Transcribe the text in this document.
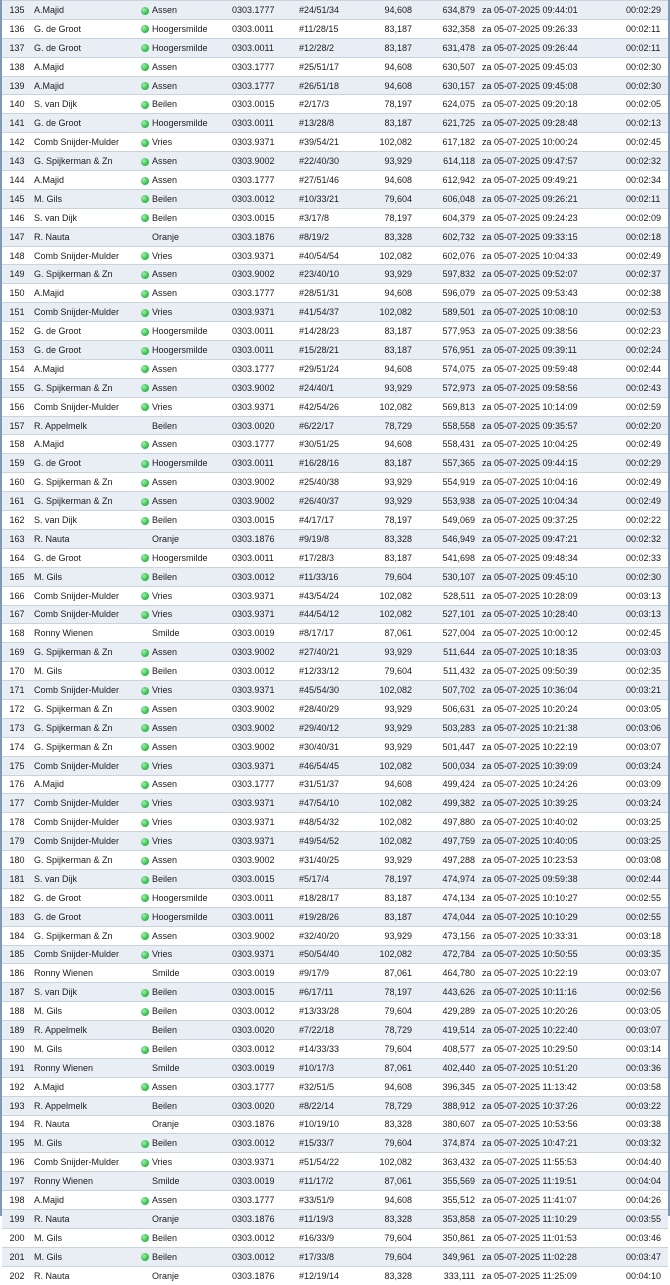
135	A.Majid		Assen	0303.1777	#24/51/34	94,608	634,879	za 05-07-2025 09:44:01	00:02:29
136	G. de Groot		Hoogersmilde	0303.0011	#11/28/15	83,187	632,358	za 05-07-2025 09:26:33	00:02:11
137	G. de Groot		Hoogersmilde	0303.0011	#12/28/2	83,187	631,478	za 05-07-2025 09:26:44	00:02:11
138	A.Majid		Assen	0303.1777	#25/51/17	94,608	630,507	za 05-07-2025 09:45:03	00:02:30
139	A.Majid		Assen	0303.1777	#26/51/18	94,608	630,157	za 05-07-2025 09:45:08	00:02:30
140	S. van Dijk		Beilen	0303.0015	#2/17/3	78,197	624,075	za 05-07-2025 09:20:18	00:02:05
141	G. de Groot		Hoogersmilde	0303.0011	#13/28/8	83,187	621,725	za 05-07-2025 09:28:48	00:02:13
142	Comb Snijder-Mulder		Vries	0303.9371	#39/54/21	102,082	617,182	za 05-07-2025 10:00:24	00:02:45
143	G. Spijkerman & Zn		Assen	0303.9002	#22/40/30	93,929	614,118	za 05-07-2025 09:47:57	00:02:32
144	A.Majid		Assen	0303.1777	#27/51/46	94,608	612,942	za 05-07-2025 09:49:21	00:02:34
145	M. Gils		Beilen	0303.0012	#10/33/21	79,604	606,048	za 05-07-2025 09:26:21	00:02:11
146	S. van Dijk		Beilen	0303.0015	#3/17/8	78,197	604,379	za 05-07-2025 09:24:23	00:02:09
147	R. Nauta		Oranje	0303.1876	#8/19/2	83,328	602,732	za 05-07-2025 09:33:15	00:02:18
148	Comb Snijder-Mulder		Vries	0303.9371	#40/54/54	102,082	602,076	za 05-07-2025 10:04:33	00:02:49
149	G. Spijkerman & Zn		Assen	0303.9002	#23/40/10	93,929	597,832	za 05-07-2025 09:52:07	00:02:37
150	A.Majid		Assen	0303.1777	#28/51/31	94,608	596,079	za 05-07-2025 09:53:43	00:02:38
151	Comb Snijder-Mulder		Vries	0303.9371	#41/54/37	102,082	589,501	za 05-07-2025 10:08:10	00:02:53
152	G. de Groot		Hoogersmilde	0303.0011	#14/28/23	83,187	577,953	za 05-07-2025 09:38:56	00:02:23
153	G. de Groot		Hoogersmilde	0303.0011	#15/28/21	83,187	576,951	za 05-07-2025 09:39:11	00:02:24
154	A.Majid		Assen	0303.1777	#29/51/24	94,608	574,075	za 05-07-2025 09:59:48	00:02:44
155	G. Spijkerman & Zn		Assen	0303.9002	#24/40/1	93,929	572,973	za 05-07-2025 09:58:56	00:02:43
156	Comb Snijder-Mulder		Vries	0303.9371	#42/54/26	102,082	569,813	za 05-07-2025 10:14:09	00:02:59
157	R. Appelmelk		Beilen	0303.0020	#6/22/17	78,729	558,558	za 05-07-2025 09:35:57	00:02:20
158	A.Majid		Assen	0303.1777	#30/51/25	94,608	558,431	za 05-07-2025 10:04:25	00:02:49
159	G. de Groot		Hoogersmilde	0303.0011	#16/28/16	83,187	557,365	za 05-07-2025 09:44:15	00:02:29
160	G. Spijkerman & Zn		Assen	0303.9002	#25/40/38	93,929	554,919	za 05-07-2025 10:04:16	00:02:49
161	G. Spijkerman & Zn		Assen	0303.9002	#26/40/37	93,929	553,938	za 05-07-2025 10:04:34	00:02:49
162	S. van Dijk		Beilen	0303.0015	#4/17/17	78,197	549,069	za 05-07-2025 09:37:25	00:02:22
163	R. Nauta		Oranje	0303.1876	#9/19/8	83,328	546,949	za 05-07-2025 09:47:21	00:02:32
164	G. de Groot		Hoogersmilde	0303.0011	#17/28/3	83,187	541,698	za 05-07-2025 09:48:34	00:02:33
165	M. Gils		Beilen	0303.0012	#11/33/16	79,604	530,107	za 05-07-2025 09:45:10	00:02:30
166	Comb Snijder-Mulder		Vries	0303.9371	#43/54/24	102,082	528,511	za 05-07-2025 10:28:09	00:03:13
167	Comb Snijder-Mulder		Vries	0303.9371	#44/54/12	102,082	527,101	za 05-07-2025 10:28:40	00:03:13
168	Ronny Wienen		Smilde	0303.0019	#8/17/17	87,061	527,004	za 05-07-2025 10:00:12	00:02:45
169	G. Spijkerman & Zn		Assen	0303.9002	#27/40/21	93,929	511,644	za 05-07-2025 10:18:35	00:03:03
170	M. Gils		Beilen	0303.0012	#12/33/12	79,604	511,432	za 05-07-2025 09:50:39	00:02:35
171	Comb Snijder-Mulder		Vries	0303.9371	#45/54/30	102,082	507,702	za 05-07-2025 10:36:04	00:03:21
172	G. Spijkerman & Zn		Assen	0303.9002	#28/40/29	93,929	506,631	za 05-07-2025 10:20:24	00:03:05
173	G. Spijkerman & Zn		Assen	0303.9002	#29/40/12	93,929	503,283	za 05-07-2025 10:21:38	00:03:06
174	G. Spijkerman & Zn		Assen	0303.9002	#30/40/31	93,929	501,447	za 05-07-2025 10:22:19	00:03:07
175	Comb Snijder-Mulder		Vries	0303.9371	#46/54/45	102,082	500,034	za 05-07-2025 10:39:09	00:03:24
176	A.Majid		Assen	0303.1777	#31/51/37	94,608	499,424	za 05-07-2025 10:24:26	00:03:09
177	Comb Snijder-Mulder		Vries	0303.9371	#47/54/10	102,082	499,382	za 05-07-2025 10:39:25	00:03:24
178	Comb Snijder-Mulder		Vries	0303.9371	#48/54/32	102,082	497,880	za 05-07-2025 10:40:02	00:03:25
179	Comb Snijder-Mulder		Vries	0303.9371	#49/54/52	102,082	497,759	za 05-07-2025 10:40:05	00:03:25
180	G. Spijkerman & Zn		Assen	0303.9002	#31/40/25	93,929	497,288	za 05-07-2025 10:23:53	00:03:08
181	S. van Dijk		Beilen	0303.0015	#5/17/4	78,197	474,974	za 05-07-2025 09:59:38	00:02:44
182	G. de Groot		Hoogersmilde	0303.0011	#18/28/17	83,187	474,134	za 05-07-2025 10:10:27	00:02:55
183	G. de Groot		Hoogersmilde	0303.0011	#19/28/26	83,187	474,044	za 05-07-2025 10:10:29	00:02:55
184	G. Spijkerman & Zn		Assen	0303.9002	#32/40/20	93,929	473,156	za 05-07-2025 10:33:31	00:03:18
185	Comb Snijder-Mulder		Vries	0303.9371	#50/54/40	102,082	472,784	za 05-07-2025 10:50:55	00:03:35
186	Ronny Wienen		Smilde	0303.0019	#9/17/9	87,061	464,780	za 05-07-2025 10:22:19	00:03:07
187	S. van Dijk		Beilen	0303.0015	#6/17/11	78,197	443,626	za 05-07-2025 10:11:16	00:02:56
188	M. Gils		Beilen	0303.0012	#13/33/28	79,604	429,289	za 05-07-2025 10:20:26	00:03:05
189	R. Appelmelk		Beilen	0303.0020	#7/22/18	78,729	419,514	za 05-07-2025 10:22:40	00:03:07
190	M. Gils		Beilen	0303.0012	#14/33/33	79,604	408,577	za 05-07-2025 10:29:50	00:03:14
191	Ronny Wienen		Smilde	0303.0019	#10/17/3	87,061	402,440	za 05-07-2025 10:51:20	00:03:36
192	A.Majid		Assen	0303.1777	#32/51/5	94,608	396,345	za 05-07-2025 11:13:42	00:03:58
193	R. Appelmelk		Beilen	0303.0020	#8/22/14	78,729	388,912	za 05-07-2025 10:37:26	00:03:22
194	R. Nauta		Oranje	0303.1876	#10/19/10	83,328	380,607	za 05-07-2025 10:53:56	00:03:38
195	M. Gils		Beilen	0303.0012	#15/33/7	79,604	374,874	za 05-07-2025 10:47:21	00:03:32
196	Comb Snijder-Mulder		Vries	0303.9371	#51/54/22	102,082	363,432	za 05-07-2025 11:55:53	00:04:40
197	Ronny Wienen		Smilde	0303.0019	#11/17/2	87,061	355,569	za 05-07-2025 11:19:51	00:04:04
198	A.Majid		Assen	0303.1777	#33/51/9	94,608	355,512	za 05-07-2025 11:41:07	00:04:26
199	R. Nauta		Oranje	0303.1876	#11/19/3	83,328	353,858	za 05-07-2025 11:10:29	00:03:55
200	M. Gils		Beilen	0303.0012	#16/33/9	79,604	350,861	za 05-07-2025 11:01:53	00:03:46
201	M. Gils		Beilen	0303.0012	#17/33/8	79,604	349,961	za 05-07-2025 11:02:28	00:03:47
202	R. Nauta		Oranje	0303.1876	#12/19/14	83,328	333,111	za 05-07-2025 11:25:09	00:04:10
